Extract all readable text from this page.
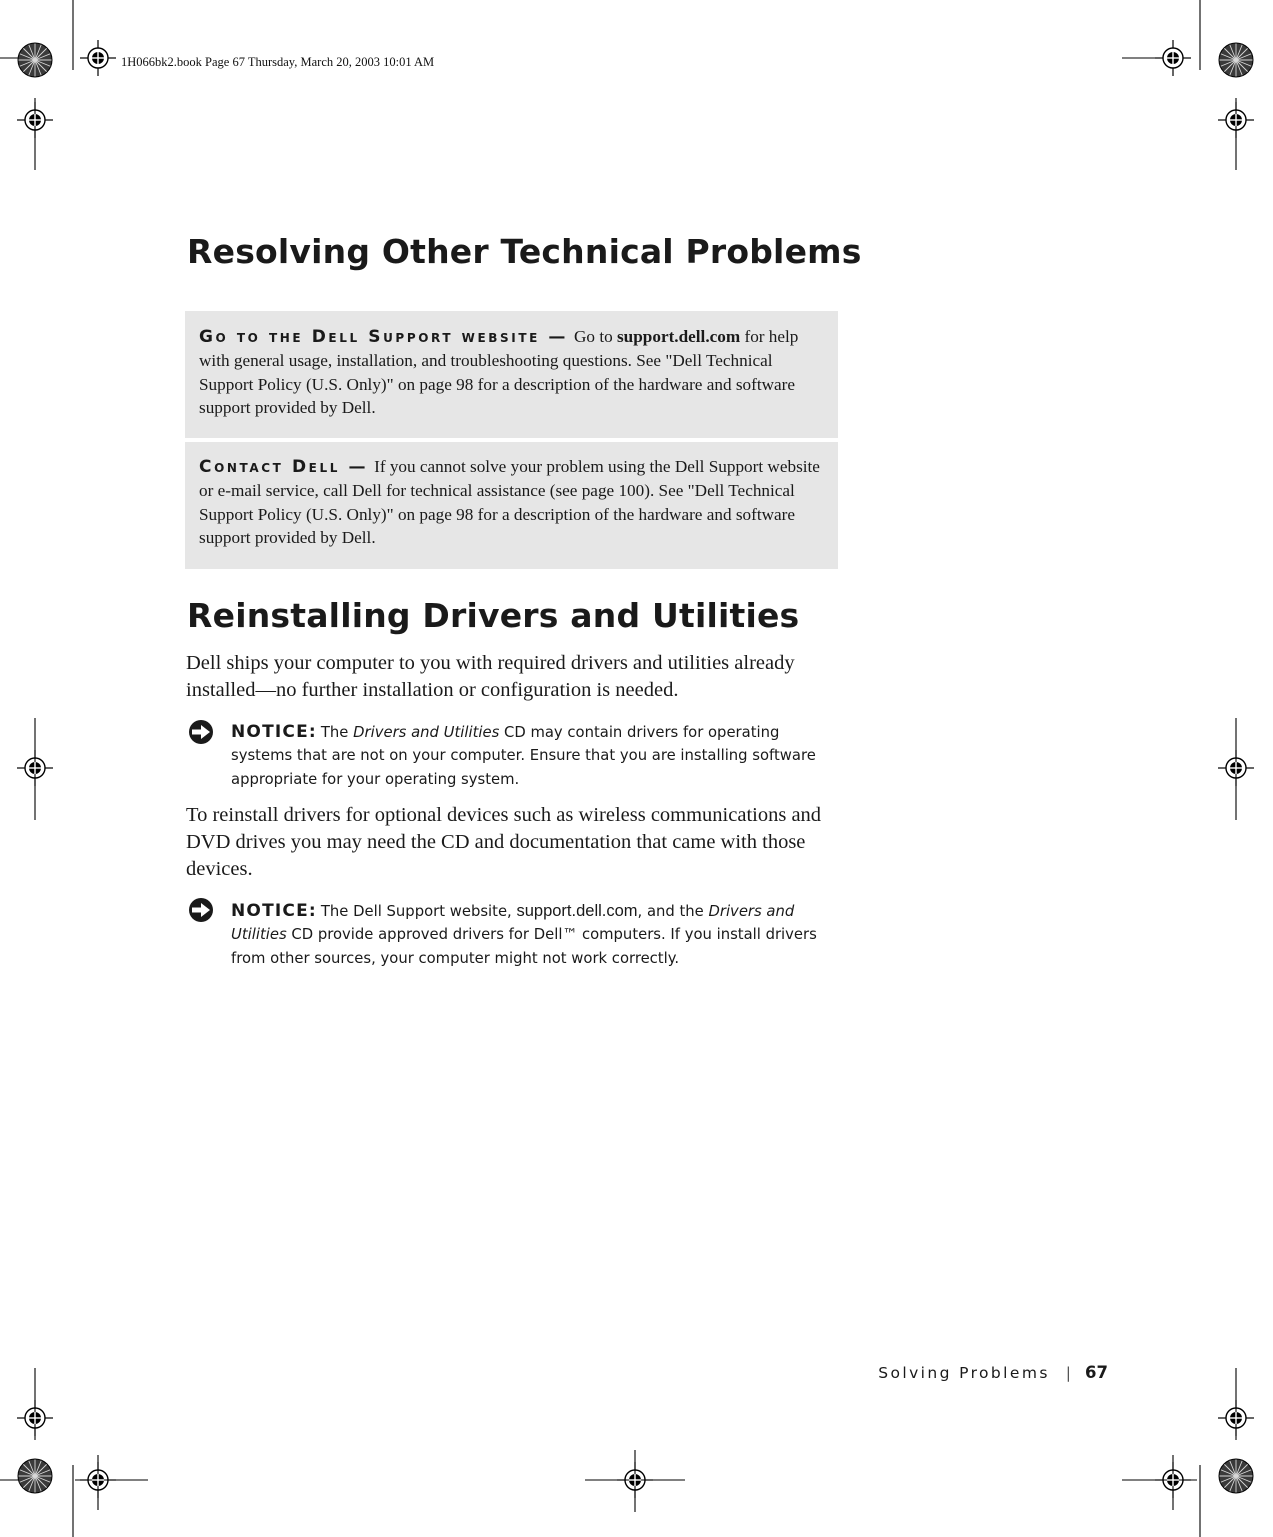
1H066bk2.book Page 67 Thursday, March 20, 2003 10:01 AM

Resolving Other Technical Problems
Go to the Dell Support website — Go to support.dell.com for help with general usage, installation, and troubleshooting questions. See "Dell Technical Support Policy (U.S. Only)" on page 98 for a description of the hardware and software support provided by Dell.
Contact Dell — If you cannot solve your problem using the Dell Support website or e-mail service, call Dell for technical assistance (see page 100). See "Dell Technical Support Policy (U.S. Only)" on page 98 for a description of the hardware and software support provided by Dell.
Reinstalling Drivers and Utilities

Dell ships your computer to you with required drivers and utilities already installed—no further installation or configuration is needed.

NOTICE: The Drivers and Utilities CD may contain drivers for operating systems that are not on your computer. Ensure that you are installing software appropriate for your operating system.

To reinstall drivers for optional devices such as wireless communications and DVD drives you may need the CD and documentation that came with those devices.

NOTICE: The Dell Support website, support.dell.com, and the Drivers and Utilities CD provide approved drivers for Dell™ computers. If you install drivers from other sources, your computer might not work correctly.

Solving Problems | 67
